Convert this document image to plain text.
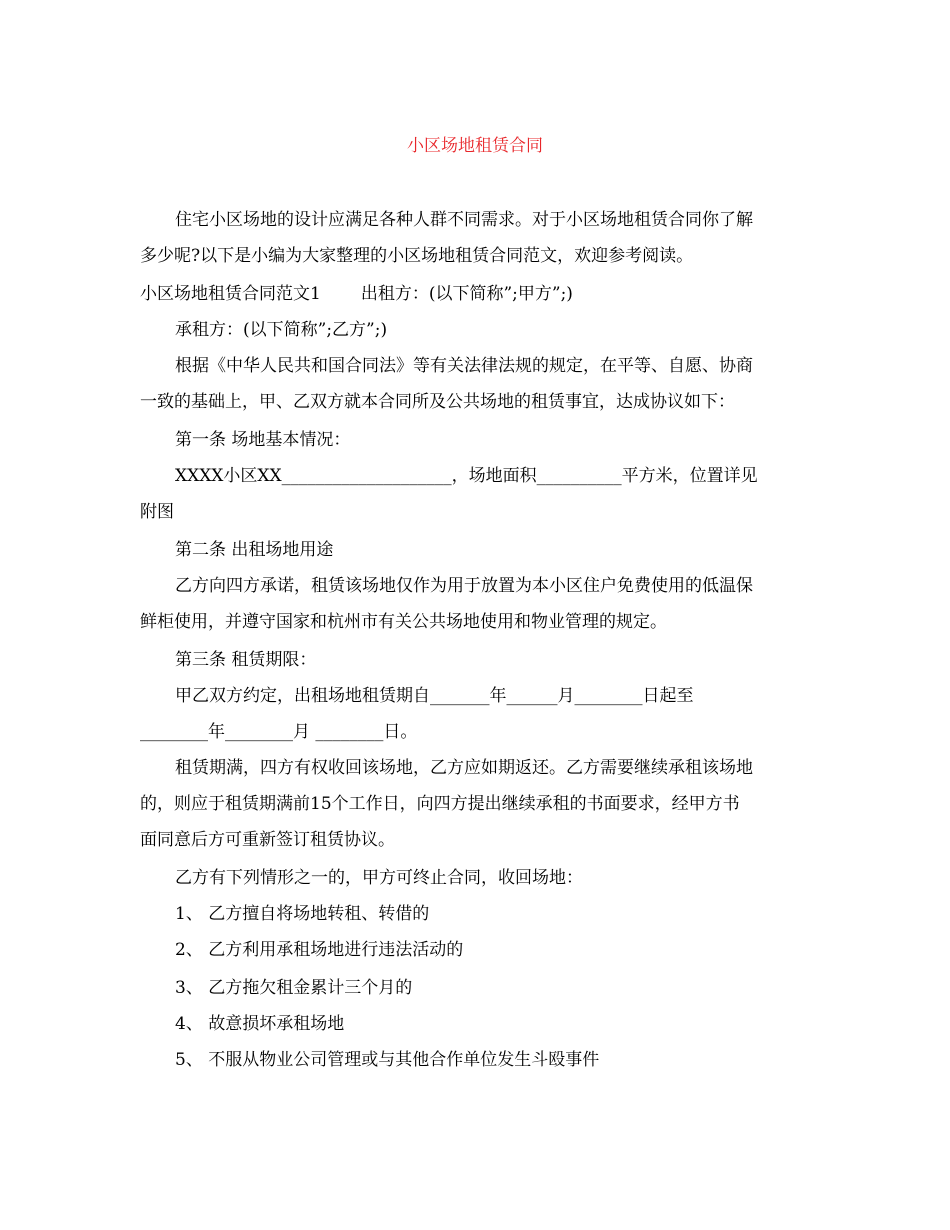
小区场地租赁合同
住宅小区场地的设计应满足各种人群不同需求。对于小区场地租赁合同你了解
多少呢?以下是小编为大家整理的小区场地租赁合同范文，欢迎参考阅读。
小区场地租赁合同范文1 出租方：(以下简称”;甲方”;)
承租方：(以下简称”;乙方”;)
根据《中华人民共和国合同法》等有关法律法规的规定，在平等、自愿、协商
一致的基础上，甲、乙双方就本合同所及公共场地的租赁事宜，达成协议如下：
第一条 场地基本情况：
XXXX小区XX____________________，场地面积__________平方米，位置详见
附图
第二条 出租场地用途
乙方向四方承诺，租赁该场地仅作为用于放置为本小区住户免费使用的低温保
鲜柜使用，并遵守国家和杭州市有关公共场地使用和物业管理的规定。
第三条 租赁期限：
甲乙双方约定，出租场地租赁期自_______年______月________日起至
________年________月 ________日。
租赁期满，四方有权收回该场地，乙方应如期返还。乙方需要继续承租该场地
的，则应于租赁期满前15个工作日，向四方提出继续承租的书面要求，经甲方书
面同意后方可重新签订租赁协议。
乙方有下列情形之一的，甲方可终止合同，收回场地：
1、 乙方擅自将场地转租、转借的
2、 乙方利用承租场地进行违法活动的
3、 乙方拖欠租金累计三个月的
4、 故意损坏承租场地
5、 不服从物业公司管理或与其他合作单位发生斗殴事件
